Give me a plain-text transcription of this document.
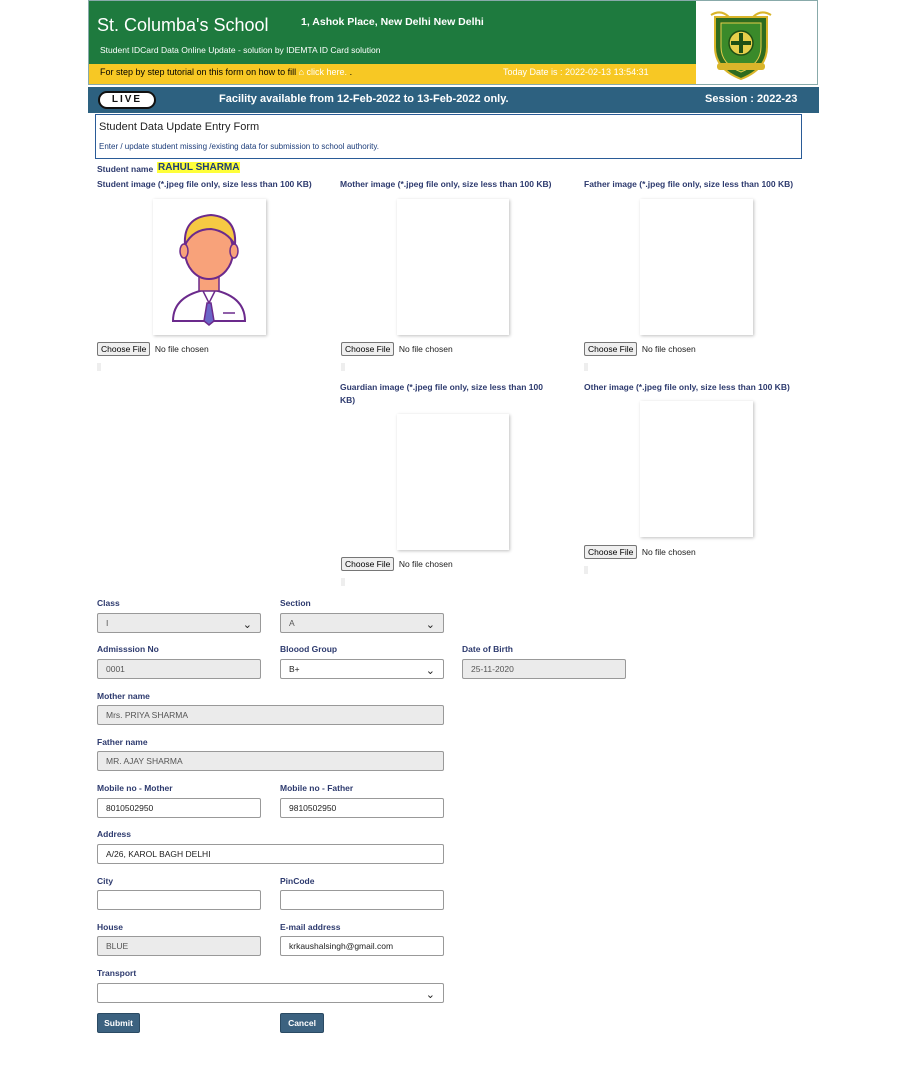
St. Columba's School	1, Ashok Place, New Delhi New Delhi
Student IDCard Data Online Update - solution by IDEMTA ID Card solution
For step by step tutorial on this form on how to fill ⌂ click here. .	Today Date is : 2022-02-13 13:54:31
LIVE	Facility available from 12-Feb-2022 to 13-Feb-2022 only.	Session : 2022-23
Student Data Update Entry Form
Enter / update student missing /existing data for submission to school authority.
Student name RAHUL SHARMA
Student image (*.jpeg file only, size less than 100 KB)
Choose File No file chosen
Mother image (*.jpeg file only, size less than 100 KB)
Choose File No file chosen
Father image (*.jpeg file only, size less than 100 KB)
Choose File No file chosen
Guardian image (*.jpeg file only, size less than 100 KB)
Choose File No file chosen
Other image (*.jpeg file only, size less than 100 KB)
Choose File No file chosen
Class
I	⌄
Section
A	⌄
Admisssion No
0001
Bloood Group
B+	⌄
Date of Birth
25-11-2020
Mother name
Mrs. PRIYA SHARMA
Father name
MR. AJAY SHARMA
Mobile no - Mother
8010502950
Mobile no - Father
9810502950
Address
A/26, KAROL BAGH DELHI
City	PinCode
House
BLUE
E-mail address
krkaushalsingh@gmail.com
Transport
⌄
Submit	Cancel
